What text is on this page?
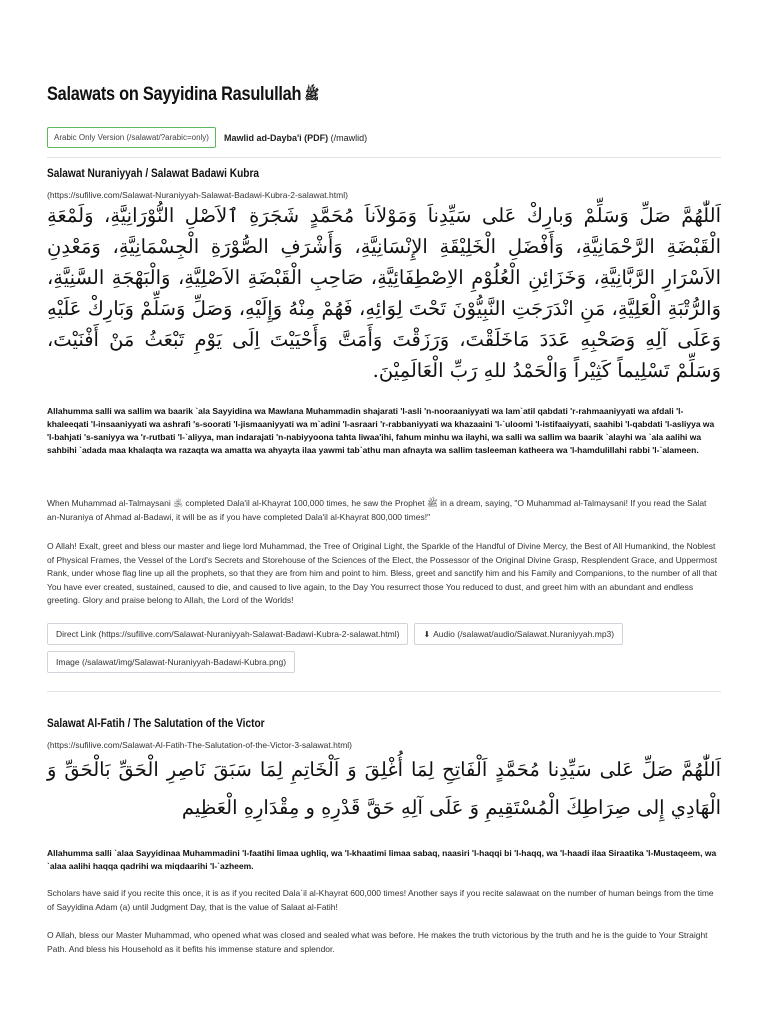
Salawats on Sayyidina Rasulullah ﷺ
Arabic Only Version (/salawat/?arabic=only)	Mawlid ad-Dayba'i (PDF) (/mawlid)
Salawat Nuraniyyah / Salawat Badawi Kubra
(https://sufilive.com/Salawat-Nuraniyyah-Salawat-Badawi-Kubra-2-salawat.html)

اَللّٰهُمَّ صَلِّ وَسَلِّمْ وَبارِكْ عَلى سَيِّدِناَ وَمَوْلاَناَ مُحَمَّدٍ شَجَرَةِ ٱلاَصْلِ النُّوْرَانِيَّةِ، وَلَمْعَةِ الْقَبْضَةِ الرَّحْمَانِيَّةِ، وَأَفْضَلِ الْخَلِيْقَةِ الإِنْسَانِيَّةِ، وَأَشْرَفِ الصُّوْرَةِ الْجِسْمَانِيَّةِ، وَمَعْدِنِ الاَسْرَارِ الرَّبَّانِيَّةِ، وَخَزَائِنِ الْعُلُوْمِ الاِصْطِفَائِيَّةِ، صَاحِبِ الْقَبْضَةِ الاَصْلِيَّةِ، وَالْبَهْجَةِ السَّنِيَّةِ، وَالرُّتْبَةِ الْعَلِيَّةِ، مَنِ انْدَرَجَتِ النَّبِيُّوْنَ تَحْتَ لِوَائِهِ، فَهُمْ مِنْهُ وَإِلَيْهِ، وَصَلِّ وَسَلِّمْ وَبَارِكْ عَلَيْهِ وَعَلَى آلِهِ وَصَحْبِهِ عَدَدَ مَاخَلَقْتَ، وَرَزَقْتَ وَأَمَتَّ وَأَحْيَيْتَ اِلَى يَوْمِ تَبْعَثُ مَنْ أَفْنَيْتَ، وَسَلِّمْ تَسْلِيماً كَثِيْراً وَالْحَمْدُ للهِ رَبِّ الْعَالَمِيْنَ.

Allahumma salli wa sallim wa baarik `ala Sayyidina wa Mawlana Muhammadin shajarati 'l-asli 'n-nooraaniyyati wa lam`atil qabdati 'r-rahmaaniyyati wa afdali 'l-khaleeqati 'l-insaaniyyati wa ashrafi 's-soorati 'l-jismaaniyyati wa m`adini 'l-asraari 'r-rabbaniyyati wa khazaaini 'l-`uloomi 'l-istifaaiyyati, saahibi 'l-qabdati 'l-asliyya wa 'l-bahjati 's-saniyya wa 'r-rutbati 'l-`aliyya, man indarajati 'n-nabiyyoona tahta liwaa'ihi, fahum minhu wa ilayhi, wa salli wa sallim wa baarik `alayhi wa `ala aalihi wa sahbihi `adada maa khalaqta wa razaqta wa amatta wa ahyayta ilaa yawmi tab`athu man afnayta wa sallim tasleeman katheera wa 'l-hamdulillahi rabbi 'l-`alameen.

When Muhammad al-Talmaysani ﵁ completed Dala'il al-Khayrat 100,000 times, he saw the Prophet ﷺ in a dream, saying, "O Muhammad al-Talmaysani! If you read the Salat an-Nuraniya of Ahmad al-Badawi, it will be as if you have completed Dala'il al-Khayrat 800,000 times!"

O Allah! Exalt, greet and bless our master and liege lord Muhammad, the Tree of Original Light, the Sparkle of the Handful of Divine Mercy, the Best of All Humankind, the Noblest of Physical Frames, the Vessel of the Lord's Secrets and Storehouse of the Sciences of the Elect, the Possessor of the Original Divine Grasp, Resplendent Grace, and Uppermost Rank, under whose flag line up all the prophets, so that they are from him and point to him. Bless, greet and sanctify him and his Family and Companions, to the number of all that You have ever created, sustained, caused to die, and caused to live again, to the Day You resurrect those You reduced to dust, and greet him with an abundant and endless greeting. Glory and praise belong to Allah, the Lord of the Worlds!

Direct Link (https://sufilive.com/Salawat-Nuraniyyah-Salawat-Badawi-Kubra-2-salawat.html)	⬇ Audio (/salawat/audio/Salawat.Nuraniyyah.mp3)
Image (/salawat/img/Salawat-Nuraniyyah-Badawi-Kubra.png)
Salawat Al-Fatih / The Salutation of the Victor
(https://sufilive.com/Salawat-Al-Fatih-The-Salutation-of-the-Victor-3-salawat.html)

اَللّٰهُمَّ صَلِّ عَلى سَيِّدِنا مُحَمَّدٍ اَلْفَاتِحِ لِمَا أُغْلِقَ وَ اَلْخَاتِمِ لِمَا سَبَقَ نَاصِرِ الْحَقِّ بَالْحَقِّ وَ الْهَادِي إِلى صِرَاطِكَ الْمُسْتَقِيمِ وَ عَلَى آلِهِ حَقَّ قَدْرِهِ و مِقْدَارِهِ الْعَظِيم

Allahumma salli `alaa Sayyidinaa Muhammadini 'l-faatihi limaa ughliq, wa 'l-khaatimi limaa sabaq, naasiri 'l-haqqi bi 'l-haqq, wa 'l-haadi ilaa Siraatika 'l-Mustaqeem, wa `alaa aalihi haqqa qadrihi wa miqdaarihi 'l-`azheem.

Scholars have said if you recite this once, it is as if you recited Dala`il al-Khayrat 600,000 times! Another says if you recite salawaat on the number of human beings from the time of Sayyidina Adam (a) until Judgment Day, that is the value of Salaat al-Fatih!

O Allah, bless our Master Muhammad, who opened what was closed and sealed what was before. He makes the truth victorious by the truth and he is the guide to Your Straight Path. And bless his Household as it befits his immense stature and splendor.
